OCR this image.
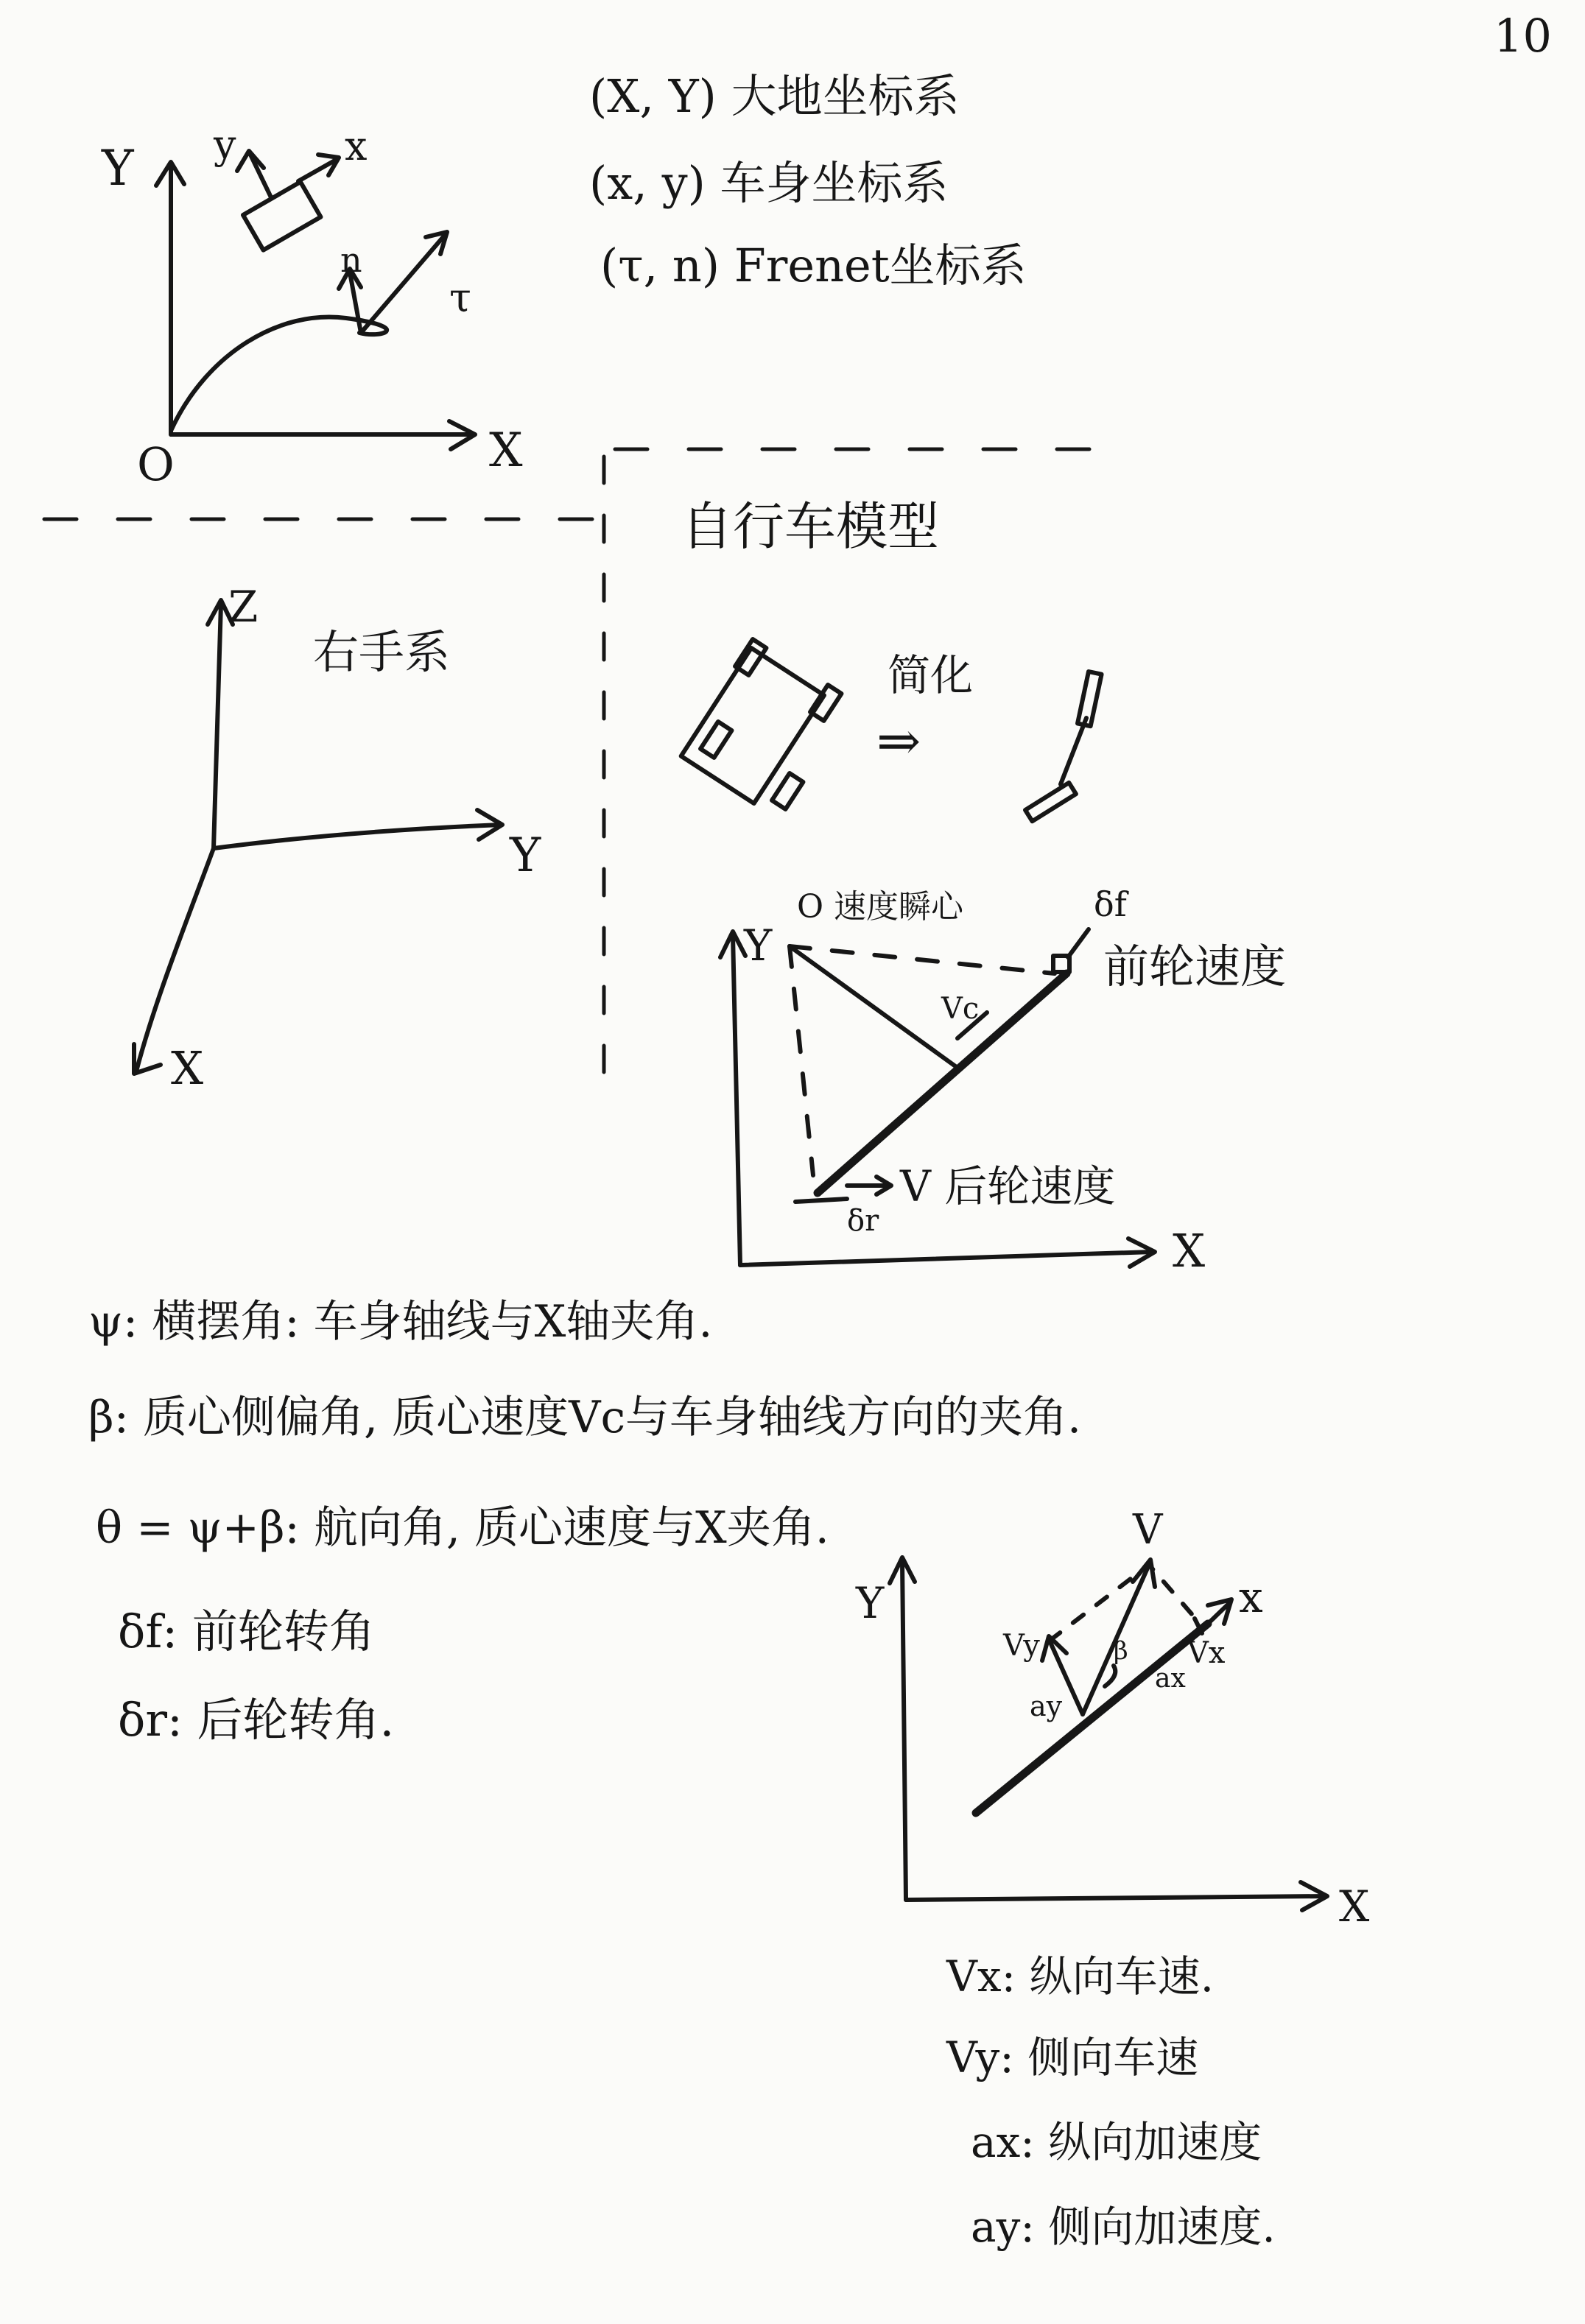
10
Y
X
O
y	x
n
τ
(X, Y) 大地坐标系
(x, y) 车身坐标系
(τ, n) Frenet坐标系
Z
右手系
Y
X
自行车模型
简化
⇒
Y
O 速度瞬心	δf
前轮速度
Vc
V 后轮速度
δr
X
ψ: 横摆角: 车身轴线与X轴夹角.
β: 质心侧偏角, 质心速度Vc与车身轴线方向的夹角.
θ = ψ+β: 航向角, 质心速度与X夹角.
δf: 前轮转角
δr: 后轮转角.
V
Y	x
Vy	Vx
ay
ax
β
X
Vx: 纵向车速.
Vy: 侧向车速
ax: 纵向加速度
ay: 侧向加速度.
